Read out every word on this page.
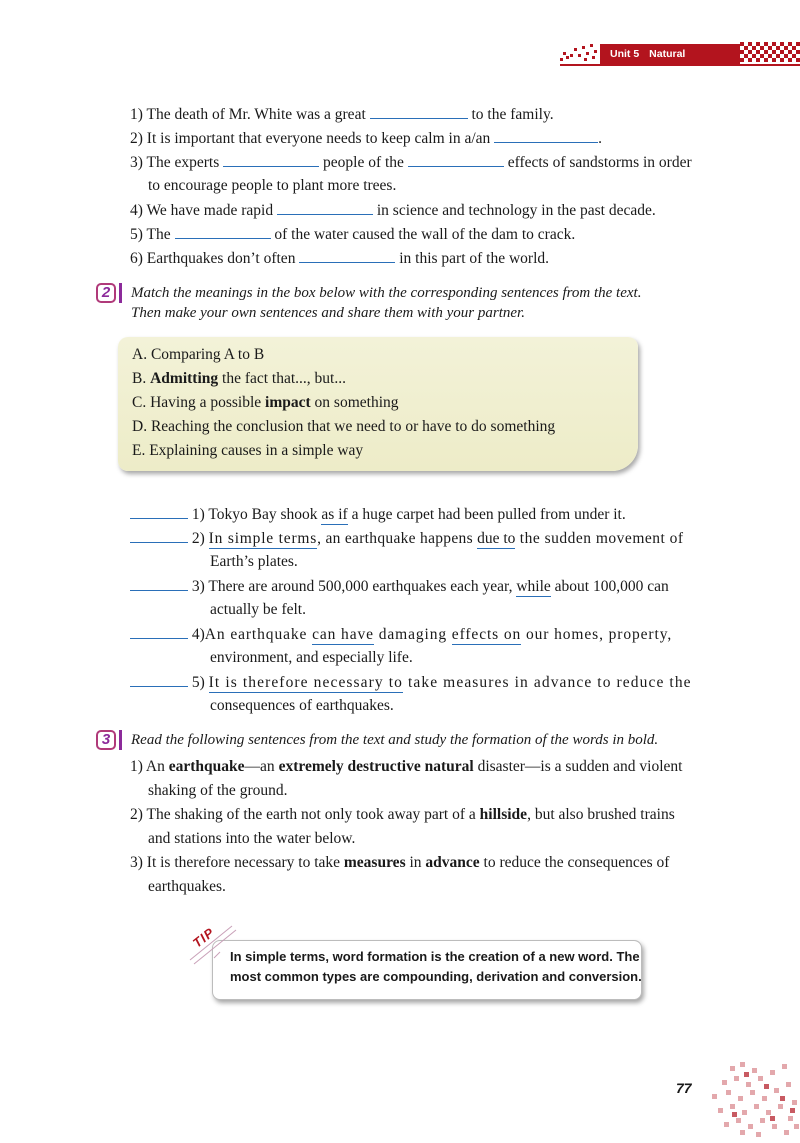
Unit 5 Natural Disasters
1) The death of Mr. White was a great	to the family.
2) It is important that everyone needs to keep calm in a/an	.
3) The experts	people of the	effects of sandstorms in order
to encourage people to plant more trees.
4) We have made rapid	in science and technology in the past decade.
5) The	of the water caused the wall of the dam to crack.
6) Earthquakes don’t often	in this part of the world.
2	Match the meanings in the box below with the corresponding sentences from the text.
Then make your own sentences and share them with your partner.
A. Comparing A to B
B. Admitting the fact that..., but...
C. Having a possible impact on something
D. Reaching the conclusion that we need to or have to do something
E. Explaining causes in a simple way
1) Tokyo Bay shook as if a huge carpet had been pulled from under it.
2) In simple terms, an earthquake happens due to the sudden movement of
Earth’s plates.
3) There are around 500,000 earthquakes each year, while about 100,000 can
actually be felt.
4)An earthquake can have damaging effects on our homes, property,
environment, and especially life.
5) It is therefore necessary to take measures in advance to reduce the
consequences of earthquakes.
3	Read the following sentences from the text and study the formation of the words in bold.
1) An earthquake—an extremely destructive natural disaster—is a sudden and violent
shaking of the ground.
2) The shaking of the earth not only took away part of a hillside, but also brushed trains
and stations into the water below.
3) It is therefore necessary to take measures in advance to reduce the consequences of
earthquakes.
TIP
In simple terms, word formation is the creation of a new word. The
most common types are compounding, derivation and conversion.
77
